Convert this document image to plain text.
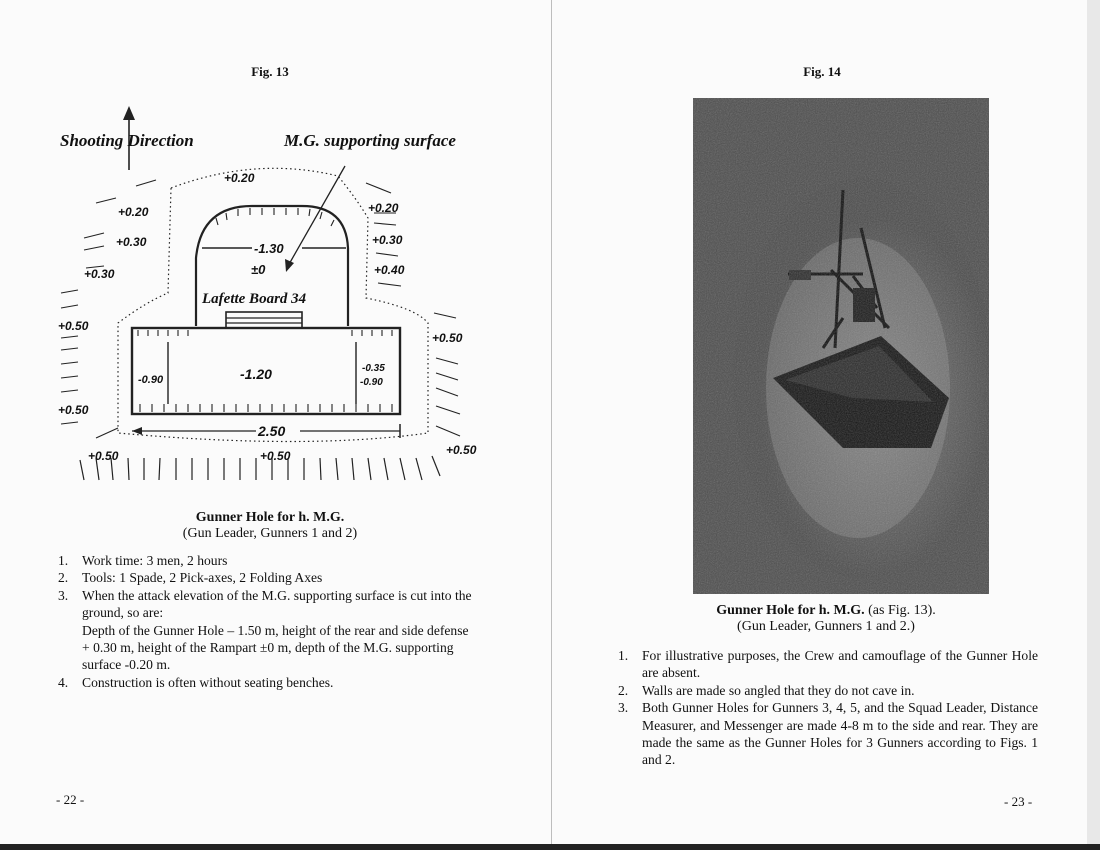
Fig. 13
Shooting Direction	M.G. supporting surface
Lafette Board 34
-1.30
±0
-1.20
2.50
-0.90
-0.35
-0.90
+0.20
+0.20
+0.30
+0.30
+0.50
+0.50
+0.50	+0.50
+0.20
+0.30
+0.40
+0.50
+0.50
Gunner Hole for h. M.G.
(Gun Leader, Gunners 1 and 2)
1. Work time: 3 men, 2 hours
2. Tools: 1 Spade, 2 Pick-axes, 2 Folding Axes
3. When the attack elevation of the M.G. supporting surface is cut into the ground, so are:
Depth of the Gunner Hole – 1.50 m, height of the rear and side defense + 0.30 m, height of the Rampart ±0 m, depth of the M.G. supporting surface -0.20 m.
4. Construction is often without seating benches.
- 22 -
Fig. 14
Gunner Hole for h. M.G. (as Fig. 13).
(Gun Leader, Gunners 1 and 2.)
1. For illustrative purposes, the Crew and camouflage of the Gunner Hole are absent.
2. Walls are made so angled that they do not cave in.
3. Both Gunner Holes for Gunners 3, 4, 5, and the Squad Leader, Distance Measurer, and Messenger are made 4-8 m to the side and rear. They are made the same as the Gunner Holes for 3 Gunners according to Figs. 1 and 2.
- 23 -
